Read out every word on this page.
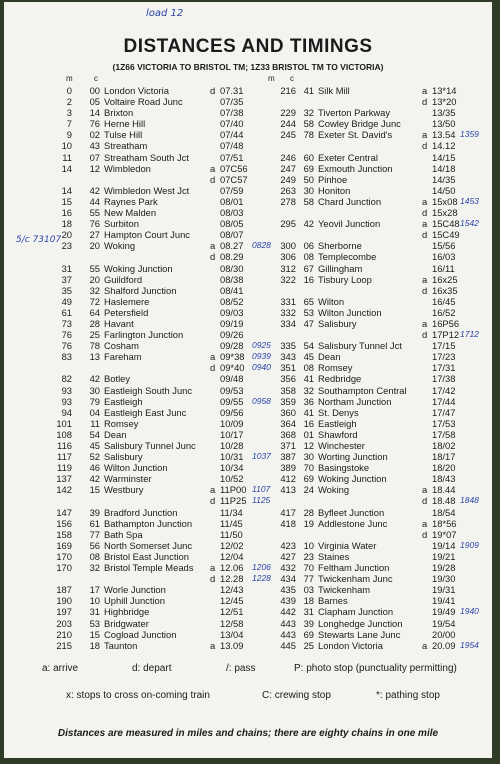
load 12
DISTANCES AND TIMINGS
(1Z66 VICTORIA TO BRISTOL TM; 1Z33 BRISTOL TM TO VICTORIA)
m	c	m c
5/c 73107
0 00 London Victoria	d 07.31
2 05 Voltaire Road Junc	07/35
3 14 Brixton	07/38
7 76 Herne Hill	07/40
9 02 Tulse Hill	07/44
10 43 Streatham	07/48
11 07 Streatham South Jct	07/51
14 12 Wimbledon	a 07C56
d 07C57
14 42 Wimbledon West Jct	07/59
15 44 Raynes Park	08/01
16 55 New Malden	08/03
18 76 Surbiton	08/05
20 27 Hampton Court Junc	08/07
23 20 Woking	a 08.27 0828
d 08.29
31 55 Woking Junction	08/30
37 20 Guildford	08/38
35 32 Shalford Junction	08/41
49 72 Haslemere	08/52
61 64 Petersfield	09/03
73 28 Havant	09/19
76 25 Farlington Junction	09/26
76 78 Cosham	09/28 0925
83 13 Fareham	a 09*38 0939
d 09*40 0940
82 42 Botley	09/48
93 30 Eastleigh South Junc	09/53
93 79 Eastleigh	09/55 0958
94 04 Eastleigh East Junc	09/56
101 11 Romsey	10/09
108 54 Dean	10/17
116 45 Salisbury Tunnel Junc	10/28
117 52 Salisbury	10/31 1037
119 46 Wilton Junction	10/34
137 42 Warminster	10/52
142 15 Westbury	a 11P00 1107
d 11P25 1125
147 39 Bradford Junction	11/34
156 61 Bathampton Junction	11/45
158 77 Bath Spa	11/50
169 56 North Somerset Junc	12/02
170 08 Bristol East Junction	12/04
170 32 Bristol Temple Meads a 12.06 1206
d 12.28 1228
187 17 Worle Junction	12/43
190 10 Uphill Junction	12/45
197 31 Highbridge	12/51
203 53 Bridgwater	12/58
210 15 Cogload Junction	13/04
215 18 Taunton	a 13.09
216 41 Silk Mill	a 13*14
d 13*20
229 32 Tiverton Parkway	13/35
244 58 Cowley Bridge Junc	13/50
245 78 Exeter St. David's	a 13.54 1359
d 14.12
246 60 Exeter Central	14/15
247 69 Exmouth Junction	14/18
249 50 Pinhoe	14/35
263 30 Honiton	14/50
278 58 Chard Junction	a 15x08 1453
d 15x28
295 42 Yeovil Junction	a 15C48 1542
d 15C49
300 06 Sherborne	15/56
306 08 Templecombe	16/03
312 67 Gillingham	16/11
322 16 Tisbury Loop	a 16x25
d 16x35
331 65 Wilton	16/45
332 53 Wilton Junction	16/52
334 47 Salisbury	a 16P56
d 17P12 1712
335 54 Salisbury Tunnel Jct	17/15
343 45 Dean	17/23
351 08 Romsey	17/31
356 41 Redbridge	17/38
358 32 Southampton Central	17/42
359 36 Northam Junction	17/44
360 41 St. Denys	17/47
364 16 Eastleigh	17/53
368 01 Shawford	17/58
371 12 Winchester	18/02
387 30 Worting Junction	18/17
389 70 Basingstoke	18/20
412 69 Woking Junction	18/43
413 24 Woking	a 18.44
d 18.48 1848
417 28 Byfleet Junction	18/54
418 19 Addlestone Junc	a 18*56
d 19*07
423 10 Virginia Water	19/14 1909
427 23 Staines	19/21
432 70 Feltham Junction	19/28
434 77 Twickenham Junc	19/30
435 03 Twickenham	19/31
439 18 Barnes	19/41
442 31 Clapham Junction	19/49 1940
443 39 Longhedge Junction	19/54
443 69 Stewarts Lane Junc	20/00
445 25 London Victoria	a 20.09 1954
a: arrive	d: depart	/: pass	P: photo stop (punctuality permitting)
x: stops to cross on-coming train	C: crewing stop	*: pathing stop
Distances are measured in miles and chains; there are eighty chains in one mile
